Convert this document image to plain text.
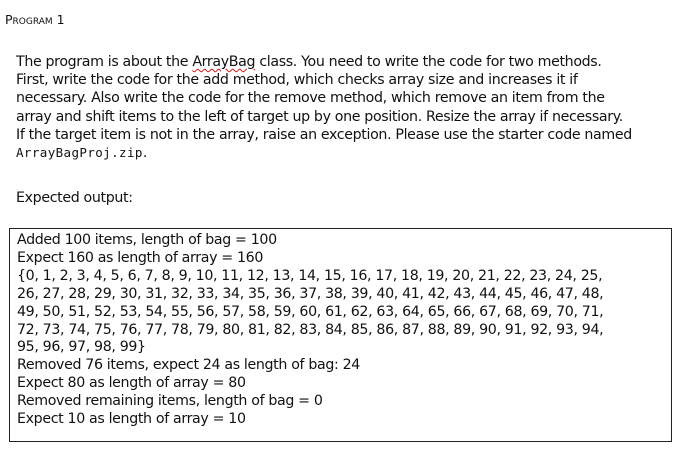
Program 1
The program is about the ArrayBag class. You need to write the code for two methods.
First, write the code for the add method, which checks array size and increases it if
necessary. Also write the code for the remove method, which remove an item from the
array and shift items to the left of target up by one position. Resize the array if necessary.
If the target item is not in the array, raise an exception. Please use the starter code named
ArrayBagProj.zip.
Expected output:
Added 100 items, length of bag = 100
Expect 160 as length of array = 160
{0, 1, 2, 3, 4, 5, 6, 7, 8, 9, 10, 11, 12, 13, 14, 15, 16, 17, 18, 19, 20, 21, 22, 23, 24, 25,
26, 27, 28, 29, 30, 31, 32, 33, 34, 35, 36, 37, 38, 39, 40, 41, 42, 43, 44, 45, 46, 47, 48,
49, 50, 51, 52, 53, 54, 55, 56, 57, 58, 59, 60, 61, 62, 63, 64, 65, 66, 67, 68, 69, 70, 71,
72, 73, 74, 75, 76, 77, 78, 79, 80, 81, 82, 83, 84, 85, 86, 87, 88, 89, 90, 91, 92, 93, 94,
95, 96, 97, 98, 99}
Removed 76 items, expect 24 as length of bag: 24
Expect 80 as length of array = 80
Removed remaining items, length of bag = 0
Expect 10 as length of array = 10
